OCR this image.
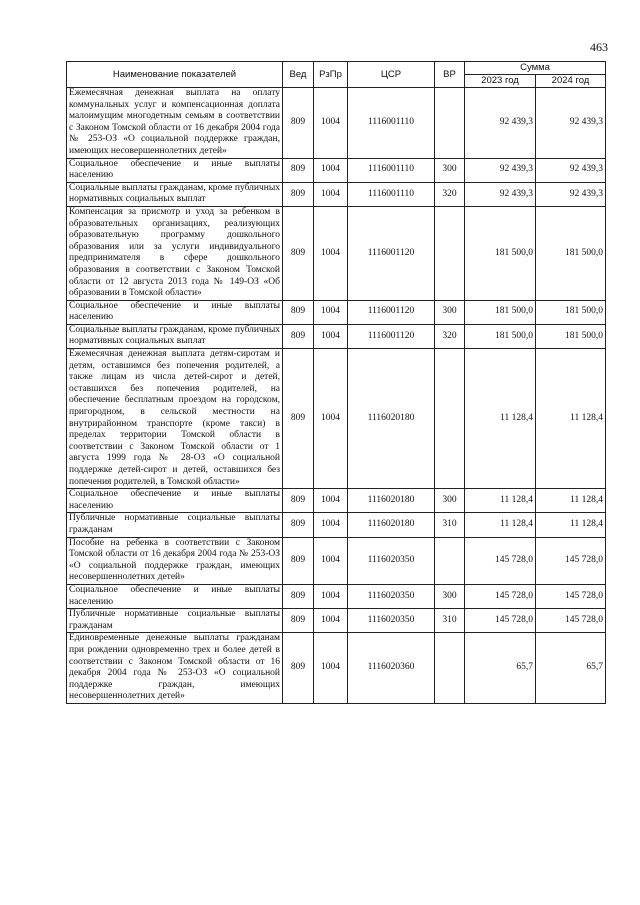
463
Наименование показателей	Вед	РзПр	ЦСР	ВР	Сумма	
					2023 год	2024 год
Ежемесячная денежная выплата на оплату коммунальных услуг и компенсационная доплата малоимущим многодетным семьям в соответствии с Законом Томской области от 16 декабря 2004 года № 253-ОЗ «О социальной поддержке граждан, имеющих несовершеннолетних детей»	809	1004	1116001110		92 439,3	92 439,3
Социальное обеспечение и иные выплаты населению	809	1004	1116001110	300	92 439,3	92 439,3
Социальные выплаты гражданам, кроме публичных нормативных социальных выплат	809	1004	1116001110	320	92 439,3	92 439,3
Компенсация за присмотр и уход за ребенком в образовательных организациях, реализующих образовательную программу дошкольного образования или за услуги индивидуального предпринимателя в сфере дошкольного образования в соответствии с Законом Томской области от 12 августа 2013 года № 149-ОЗ «Об образовании в Томской области»	809	1004	1116001120		181 500,0	181 500,0
Социальное обеспечение и иные выплаты населению	809	1004	1116001120	300	181 500,0	181 500,0
Социальные выплаты гражданам, кроме публичных нормативных социальных выплат	809	1004	1116001120	320	181 500,0	181 500,0
Ежемесячная денежная выплата детям-сиротам и детям, оставшимся без попечения родителей, а также лицам из числа детей-сирот и детей, оставшихся без попечения родителей, на обеспечение бесплатным проездом на городском, пригородном, в сельской местности на внутрирайонном транспорте (кроме такси) в пределах территории Томской области в соответствии с Законом Томской области от 1 августа 1999 года № 28-ОЗ «О социальной поддержке детей-сирот и детей, оставшихся без попечения родителей, в Томской области»	809	1004	1116020180		11 128,4	11 128,4
Социальное обеспечение и иные выплаты населению	809	1004	1116020180	300	11 128,4	11 128,4
Публичные нормативные социальные выплаты гражданам	809	1004	1116020180	310	11 128,4	11 128,4
Пособие на ребенка в соответствии с Законом Томской области от 16 декабря 2004 года № 253-ОЗ «О социальной поддержке граждан, имеющих несовершеннолетних детей»	809	1004	1116020350		145 728,0	145 728,0
Социальное обеспечение и иные выплаты населению	809	1004	1116020350	300	145 728,0	145 728,0
Публичные нормативные социальные выплаты гражданам	809	1004	1116020350	310	145 728,0	145 728,0
Единовременные денежные выплаты гражданам при рождении одновременно трех и более детей в соответствии с Законом Томской области от 16 декабря 2004 года № 253-ОЗ «О социальной поддержке граждан, имеющих несовершеннолетних детей»	809	1004	1116020360		65,7	65,7
